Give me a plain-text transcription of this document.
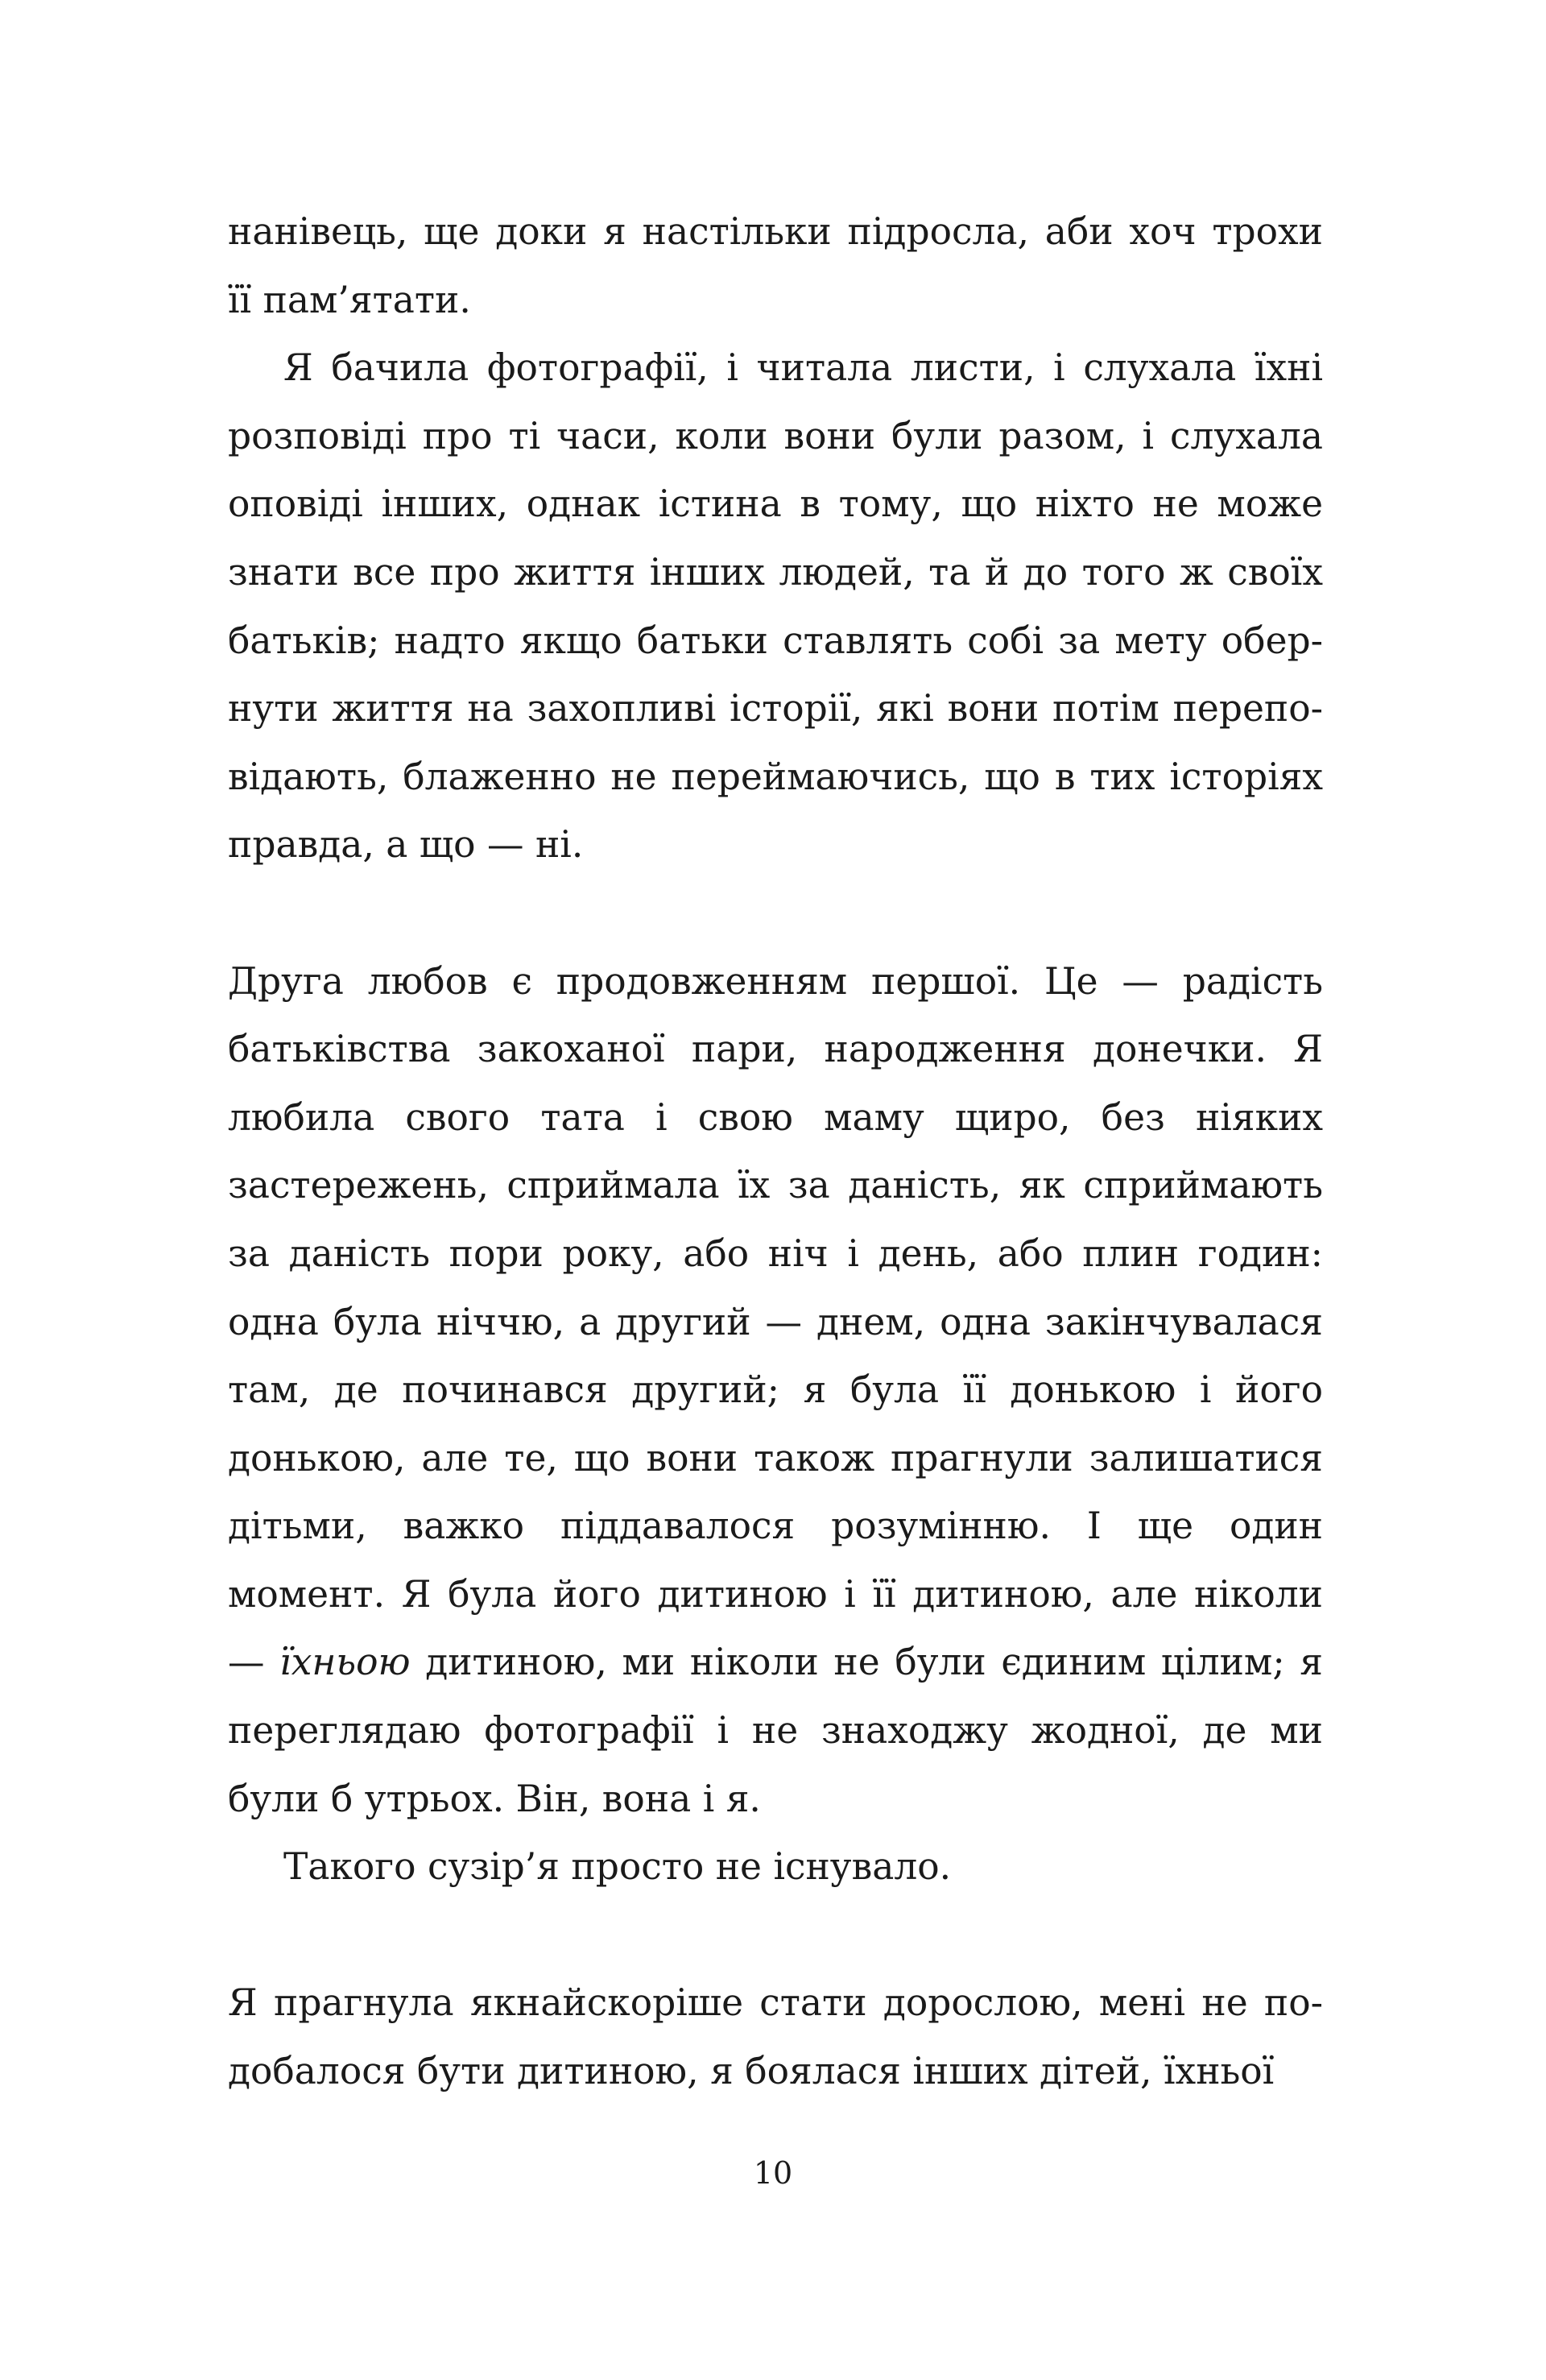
нанівець, ще доки я настільки підросла, аби хоч трохи її пам’ятати.

Я бачила фотографії, і читала листи, і слухала їхні розповіді про ті часи, коли вони були разом, і слухала оповіді інших, однак істина в тому, що ніхто не може знати все про життя інших людей, та й до того ж своїх батьків; надто якщо батьки ставлять собі за мету обернути життя на захопливі історії, які вони потім переповідають, блаженно не переймаючись, що в тих історіях правда, а що — ні.

Друга любов є продовженням першої. Це — радість батьківства закоханої пари, народження донечки. Я любила свого тата і свою маму щиро, без ніяких застережень, сприймала їх за даність, як сприймають за даність пори року, або ніч і день, або плин годин: одна була ніччю, а другий — днем, одна закінчувалася там, де починався другий; я була її донькою і його донькою, але те, що вони також прагнули залишатися дітьми, важко піддавалося розумінню. І ще один момент. Я була його дитиною і її дитиною, але ніколи — їхньою дитиною, ми ніколи не були єдиним цілим; я переглядаю фотографії і не знаходжу жодної, де ми були б утрьох. Він, вона і я.

Такого сузір’я просто не існувало.

Я прагнула якнайскоріше стати дорослою, мені не подобалося бути дитиною, я боялася інших дітей, їхньої

10
